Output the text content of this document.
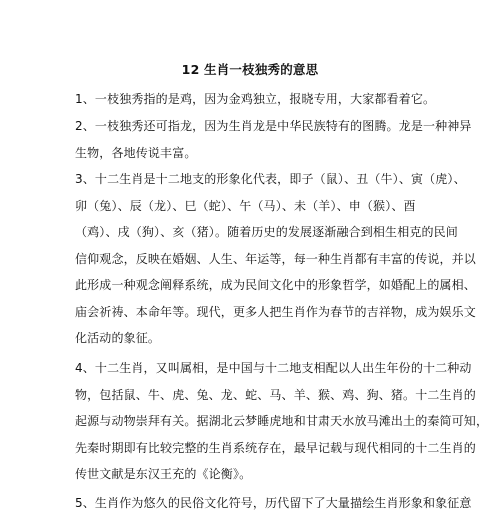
12 生肖一枝独秀的意思
1、一枝独秀指的是鸡，因为金鸡独立，报晓专用，大家都看着它。
2、一枝独秀还可指龙，因为生肖龙是中华民族特有的图腾。龙是一种神异
生物，各地传说丰富。
3、十二生肖是十二地支的形象化代表，即子（鼠）、丑（牛）、寅（虎）、
卯（兔）、辰（龙）、巳（蛇）、午（马）、未（羊）、申（猴）、酉
（鸡）、戌（狗）、亥（猪）。随着历史的发展逐渐融合到相生相克的民间
信仰观念，反映在婚姻、人生、年运等，每一种生肖都有丰富的传说，并以
此形成一种观念阐释系统，成为民间文化中的形象哲学，如婚配上的属相、
庙会祈祷、本命年等。现代，更多人把生肖作为春节的吉祥物，成为娱乐文
化活动的象征。
4、十二生肖，又叫属相，是中国与十二地支相配以人出生年份的十二种动
物，包括鼠、牛、虎、兔、龙、蛇、马、羊、猴、鸡、狗、猪。十二生肖的
起源与动物崇拜有关。据湖北云梦睡虎地和甘肃天水放马滩出土的秦简可知，
先秦时期即有比较完整的生肖系统存在，最早记载与现代相同的十二生肖的
传世文献是东汉王充的《论衡》。
5、生肖作为悠久的民俗文化符号，历代留下了大量描绘生肖形象和象征意
